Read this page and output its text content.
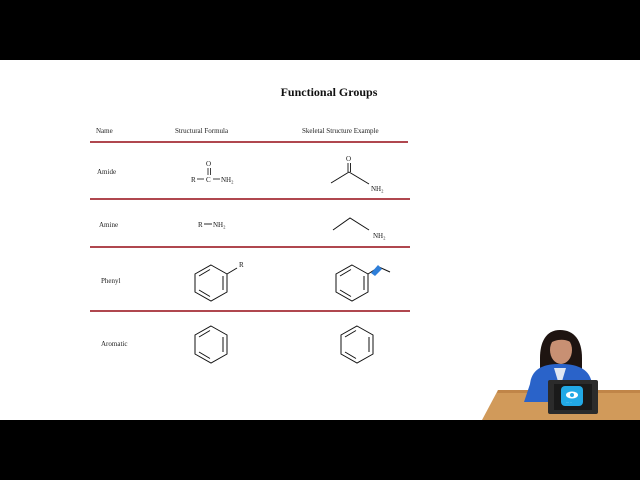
Functional Groups
Name	Structural Formula	Skeletal Structure Example
Amide
Amine
Phenyl
Aromatic
O
R C NH₂
O
NH₂
R NH₂
NH₂
R
··· ··
